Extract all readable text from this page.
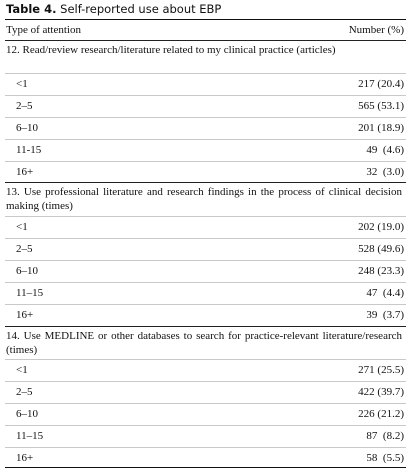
Table 4. Self-reported use about EBP
Type of attention	Number (%)
12. Read/review research/literature related to my clinical practice (articles)
<1	217 (20.4)
2–5	565 (53.1)
6–10	201 (18.9)
11-15	49  (4.6)
16+	32  (3.0)
13. Use professional literature and research findings in the process of clinical decision making (times)
<1	202 (19.0)
2–5	528 (49.6)
6–10	248 (23.3)
11–15	47  (4.4)
16+	39  (3.7)
14. Use MEDLINE or other databases to search for practice-relevant literature/research (times)
<1	271 (25.5)
2–5	422 (39.7)
6–10	226 (21.2)
11–15	87  (8.2)
16+	58  (5.5)
